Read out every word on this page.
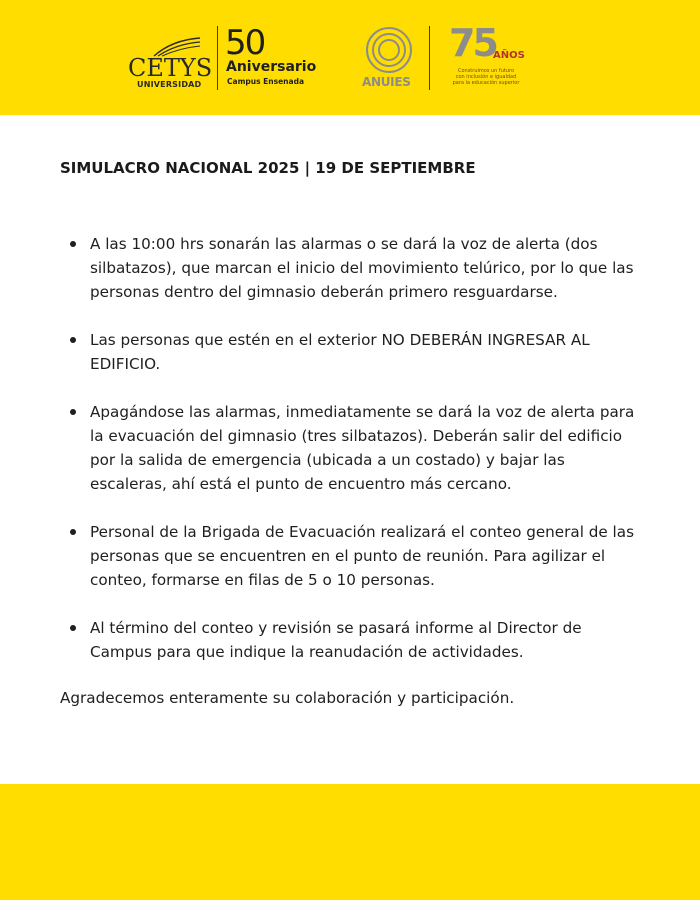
CETYS
UNIVERSIDAD
50
Aniversario
Campus Ensenada	ANUIES
75
AÑOS
Construimos un futuro
con inclusión e igualdad
para la educación superior
SIMULACRO NACIONAL 2025 | 19 DE SEPTIEMBRE
A las 10:00 hrs sonarán las alarmas o se dará la voz de alerta (dos silbatazos), que marcan el inicio del movimiento telúrico, por lo que las personas dentro del gimnasio deberán primero resguardarse.
Las personas que estén en el exterior NO DEBERÁN INGRESAR AL EDIFICIO.
Apagándose las alarmas, inmediatamente se dará la voz de alerta para la evacuación del gimnasio (tres silbatazos). Deberán salir del edificio por la salida de emergencia (ubicada a un costado) y bajar las escaleras, ahí está el punto de encuentro más cercano.
Personal de la Brigada de Evacuación realizará el conteo general de las personas que se encuentren en el punto de reunión. Para agilizar el conteo, formarse en filas de 5 o 10 personas.
Al término del conteo y revisión se pasará informe al Director de Campus para que indique la reanudación de actividades.
Agradecemos enteramente su colaboración y participación.
